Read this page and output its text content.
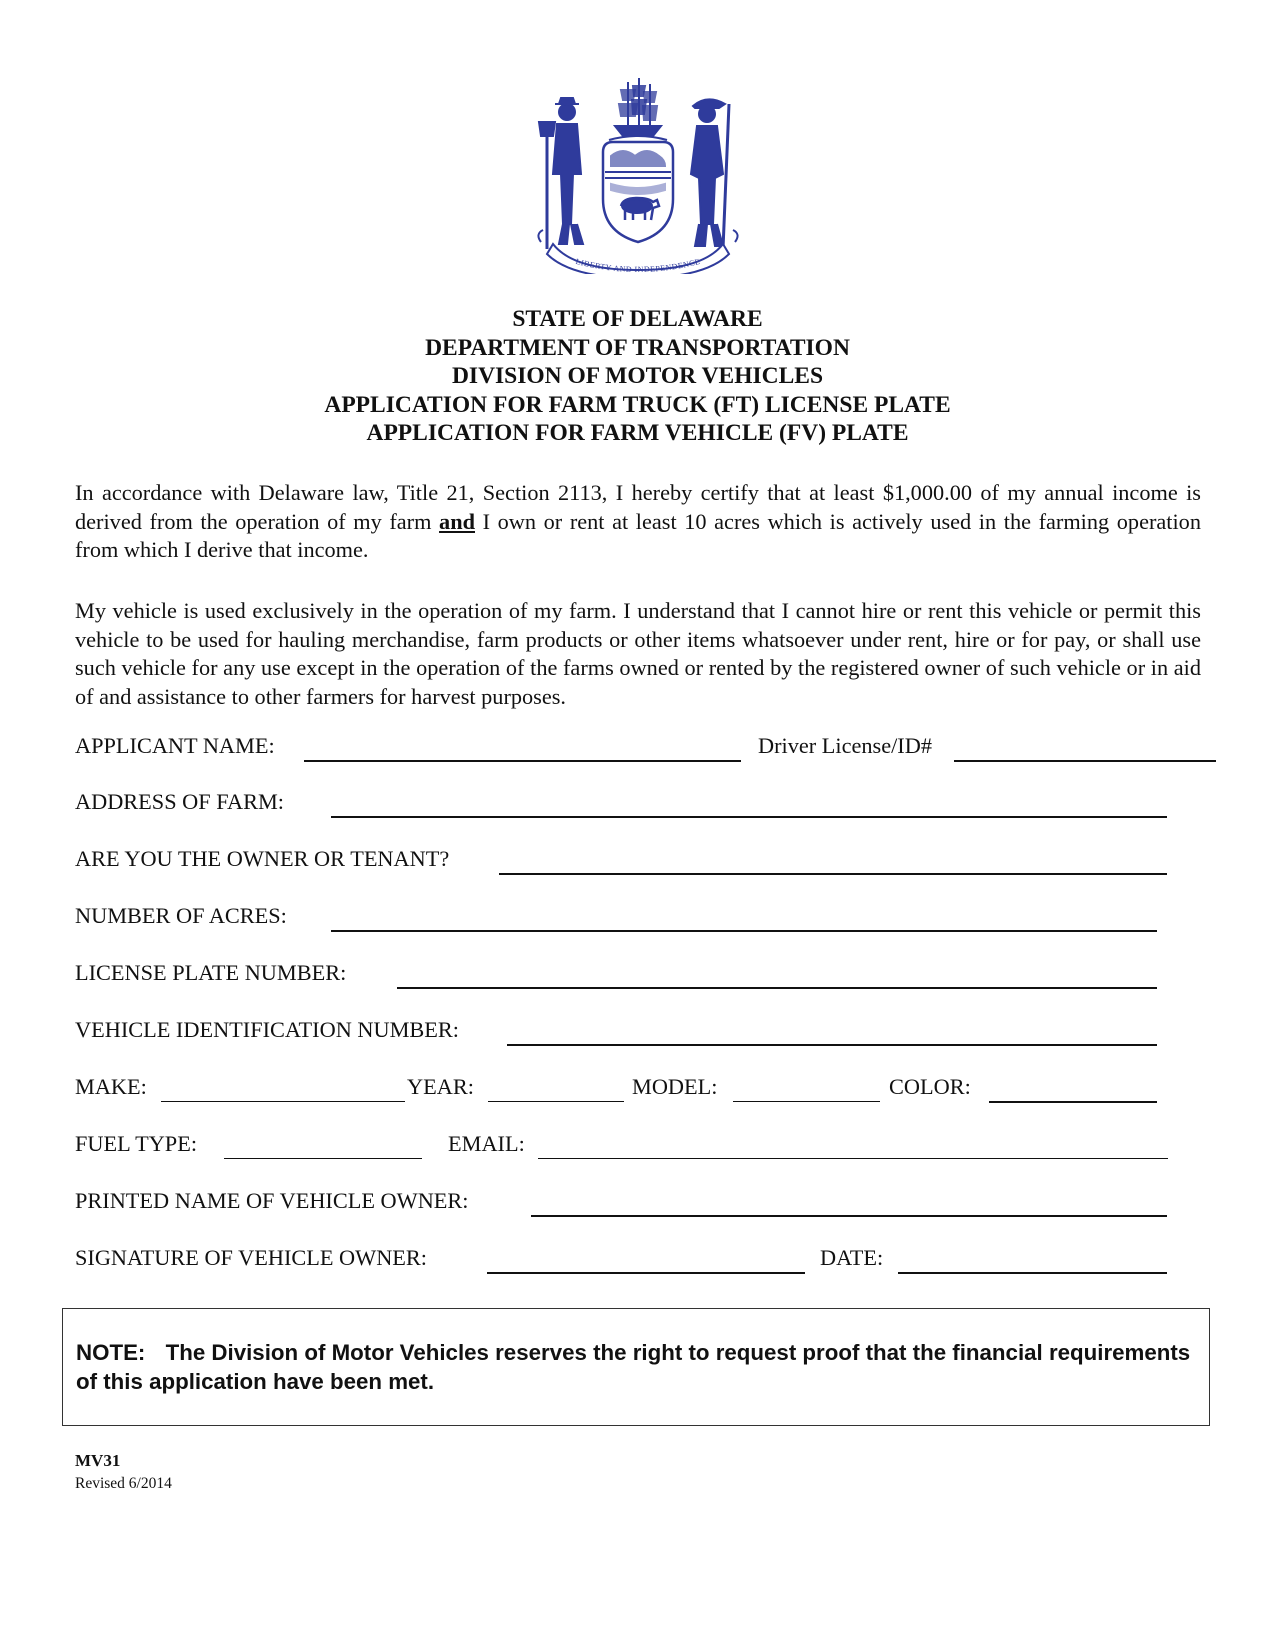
LIBERTY AND INDEPENDENCE
STATE OF DELAWARE
DEPARTMENT OF TRANSPORTATION
DIVISION OF MOTOR VEHICLES
APPLICATION FOR FARM TRUCK (FT) LICENSE PLATE
APPLICATION FOR FARM VEHICLE (FV) PLATE

In accordance with Delaware law, Title 21, Section 2113, I hereby certify that at least $1,000.00 of my annual income is derived from the operation of my farm and I own or rent at least 10 acres which is actively used in the farming operation from which I derive that income.

My vehicle is used exclusively in the operation of my farm. I understand that I cannot hire or rent this vehicle or permit this vehicle to be used for hauling merchandise, farm products or other items whatsoever under rent, hire or for pay, or shall use such vehicle for any use except in the operation of the farms owned or rented by the registered owner of such vehicle or in aid of and assistance to other farmers for harvest purposes.

APPLICANT NAME:	Driver License/ID#
ADDRESS OF FARM:
ARE YOU THE OWNER OR TENANT?
NUMBER OF ACRES:
LICENSE PLATE NUMBER:
VEHICLE IDENTIFICATION NUMBER:
MAKE:	YEAR:	MODEL:	COLOR:
FUEL TYPE:	EMAIL:
PRINTED NAME OF VEHICLE OWNER:
SIGNATURE OF VEHICLE OWNER:	DATE:
NOTE: The Division of Motor Vehicles reserves the right to request proof that the financial requirements of this application have been met.
MV31
Revised 6/2014
